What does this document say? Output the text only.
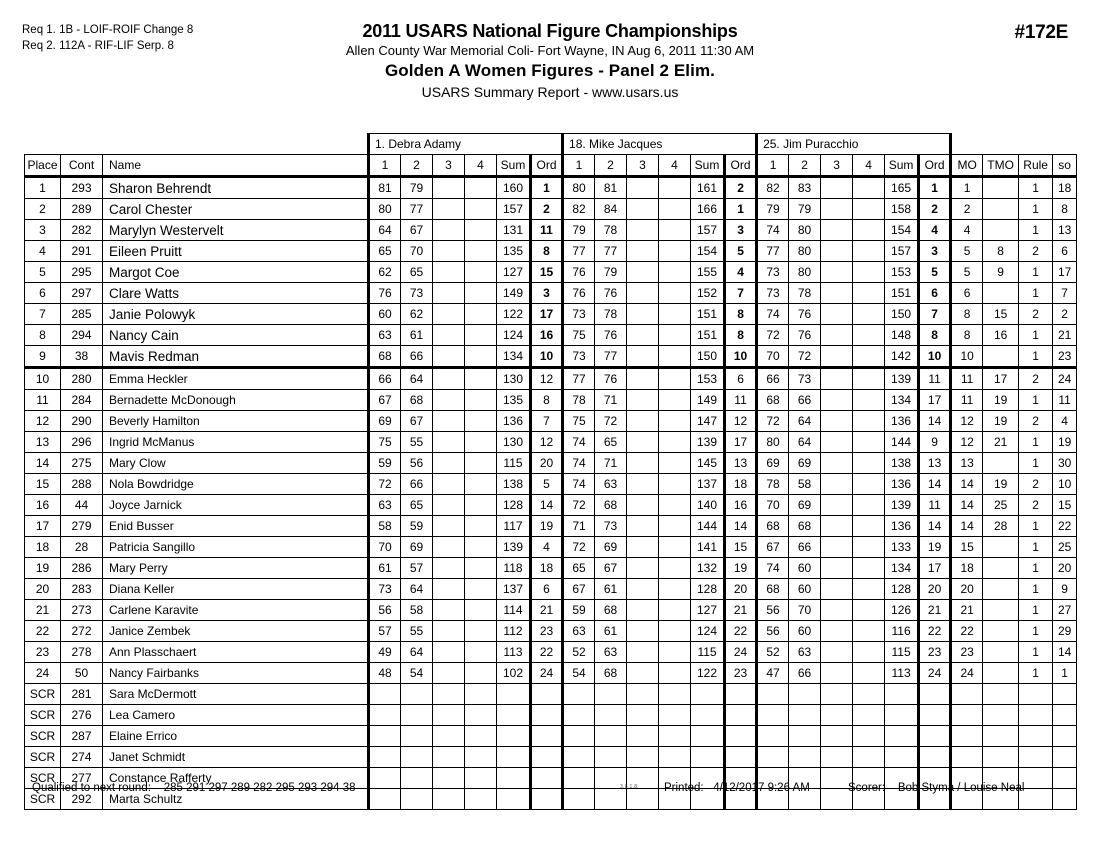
Req 1. 1B - LOIF-ROIF Change 8
Req 2. 112A - RIF-LIF Serp. 8
2011 USARS National Figure Championships
Allen County War Memorial Coli- Fort Wayne, IN Aug 6, 2011 11:30 AM
Golden A Women Figures - Panel 2 Elim.
USARS Summary Report - www.usars.us
#172E
			1. Debra Adamy						18. Mike Jacques						25. Jim Puracchio									
Place	Cont	Name	1	2	3	4	Sum	Ord	1	2	3	4	Sum	Ord	1	2	3	4	Sum	Ord	MO	TMO	Rule	so
1	293	Sharon Behrendt	81	79			160	1	80	81			161	2	82	83			165	1	1		1	18
2	289	Carol Chester	80	77			157	2	82	84			166	1	79	79			158	2	2		1	8
3	282	Marylyn Westervelt	64	67			131	11	79	78			157	3	74	80			154	4	4		1	13
4	291	Eileen Pruitt	65	70			135	8	77	77			154	5	77	80			157	3	5	8	2	6
5	295	Margot Coe	62	65			127	15	76	79			155	4	73	80			153	5	5	9	1	17
6	297	Clare Watts	76	73			149	3	76	76			152	7	73	78			151	6	6		1	7
7	285	Janie Polowyk	60	62			122	17	73	78			151	8	74	76			150	7	8	15	2	2
8	294	Nancy Cain	63	61			124	16	75	76			151	8	72	76			148	8	8	16	1	21
9	38	Mavis Redman	68	66			134	10	73	77			150	10	70	72			142	10	10		1	23
10	280	Emma Heckler	66	64			130	12	77	76			153	6	66	73			139	11	11	17	2	24
11	284	Bernadette McDonough	67	68			135	8	78	71			149	11	68	66			134	17	11	19	1	11
12	290	Beverly Hamilton	69	67			136	7	75	72			147	12	72	64			136	14	12	19	2	4
13	296	Ingrid McManus	75	55			130	12	74	65			139	17	80	64			144	9	12	21	1	19
14	275	Mary Clow	59	56			115	20	74	71			145	13	69	69			138	13	13		1	30
15	288	Nola Bowdridge	72	66			138	5	74	63			137	18	78	58			136	14	14	19	2	10
16	44	Joyce Jarnick	63	65			128	14	72	68			140	16	70	69			139	11	14	25	2	15
17	279	Enid Busser	58	59			117	19	71	73			144	14	68	68			136	14	14	28	1	22
18	28	Patricia Sangillo	70	69			139	4	72	69			141	15	67	66			133	19	15		1	25
19	286	Mary Perry	61	57			118	18	65	67			132	19	74	60			134	17	18		1	20
20	283	Diana Keller	73	64			137	6	67	61			128	20	68	60			128	20	20		1	9
21	273	Carlene Karavite	56	58			114	21	59	68			127	21	56	70			126	21	21		1	27
22	272	Janice Zembek	57	55			112	23	63	61			124	22	56	60			116	22	22		1	29
23	278	Ann Plasschaert	49	64			113	22	52	63			115	24	52	63			115	23	23		1	14
24	50	Nancy Fairbanks	48	54			102	24	54	68			122	23	47	66			113	24	24		1	1
SCR	281	Sara McDermott																						
SCR	276	Lea Camero																						
SCR	287	Elaine Errico																						
SCR	274	Janet Schmidt																						
SCR	277	Constance Rafferty																						
SCR	292	Marta Schultz																						
Qualified to next round: 285 291 297 289 282 295 293 294 38	3.8.1.8 Printed: 4/12/2017 9:26 AM	Scorer: Bob Styma / Louise Neal
